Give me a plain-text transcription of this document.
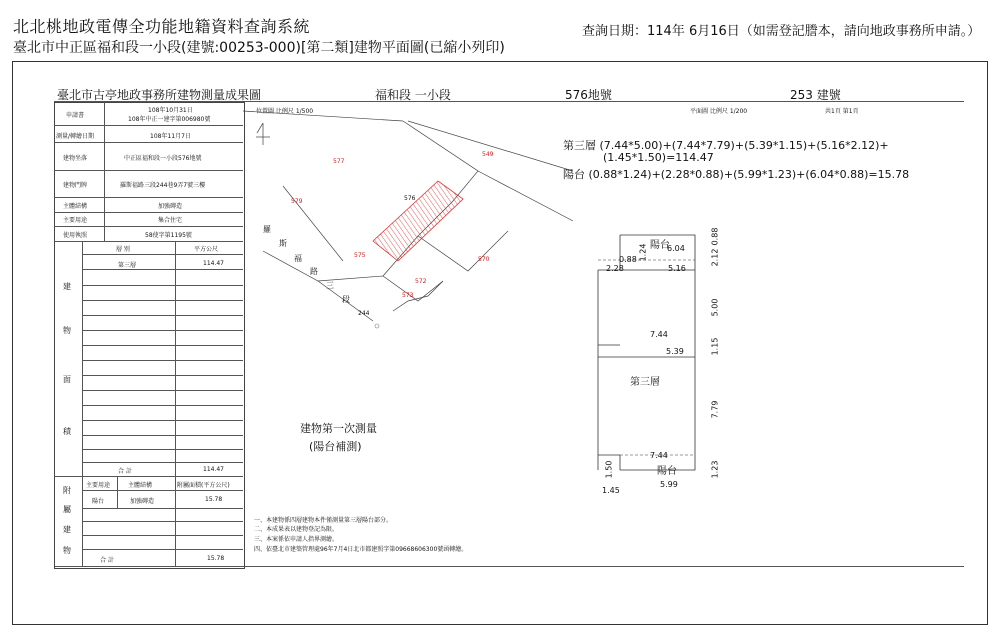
北北桃地政電傳全功能地籍資料查詢系統
臺北市中正區福和段一小段(建號:00253-000)[第二類]建物平面圖(已縮小列印)
查詢日期：114年 6月16日（如需登記謄本，請向地政事務所申請。）
臺北市古亭地政事務所建物測量成果圖	福和段 一小段	576地號	253 建號
位置圖 比例尺 1/500	平面圖 比例尺 1/200	共1頁 第1頁
申請書
108年10月31日
108年中正一建字第006980號
測量/轉繪日期	108年11月7日
建物坐落	中正區福和段一小段576地號
建物門牌	羅斯福路三段244巷9弄7號三樓
主體結構	加強磚造
主要用途	集合住宅
使用執照	58使字第1195號
層 別	平方公尺
第三層	114.47
建
物
面
積
合 計	114.47
主要用途	主體結構	附屬面積(平方公尺)
陽台	加強磚造	15.78
附
屬
建
物
合 計	15.78
577
549
579	576
575
570
572
573
羅
斯
福
路
三
段
244
建物第一次測量
(陽台補測)
第三層 (7.44*5.00)+(7.44*7.79)+(5.39*1.15)+(5.16*2.12)+
(1.45*1.50)=114.47
陽台 (0.88*1.24)+(2.28*0.88)+(5.99*1.23)+(6.04*0.88)=15.78
陽台
6.04
0.88
0.88
1.24	2.12
2.28	5.16
5.00
7.44
5.39	1.15
第三層
7.79
7.44
1.50	陽台	1.23
1.45
5.99
一、本建物係四層建物本件僅測量第三層陽台部分。
二、本成果表以建物登記為限。
三、本案係依申請人指界測繪。
四、依臺北市建築管理處96年7月4日北市都建照字第09668606300號函轉繪。
